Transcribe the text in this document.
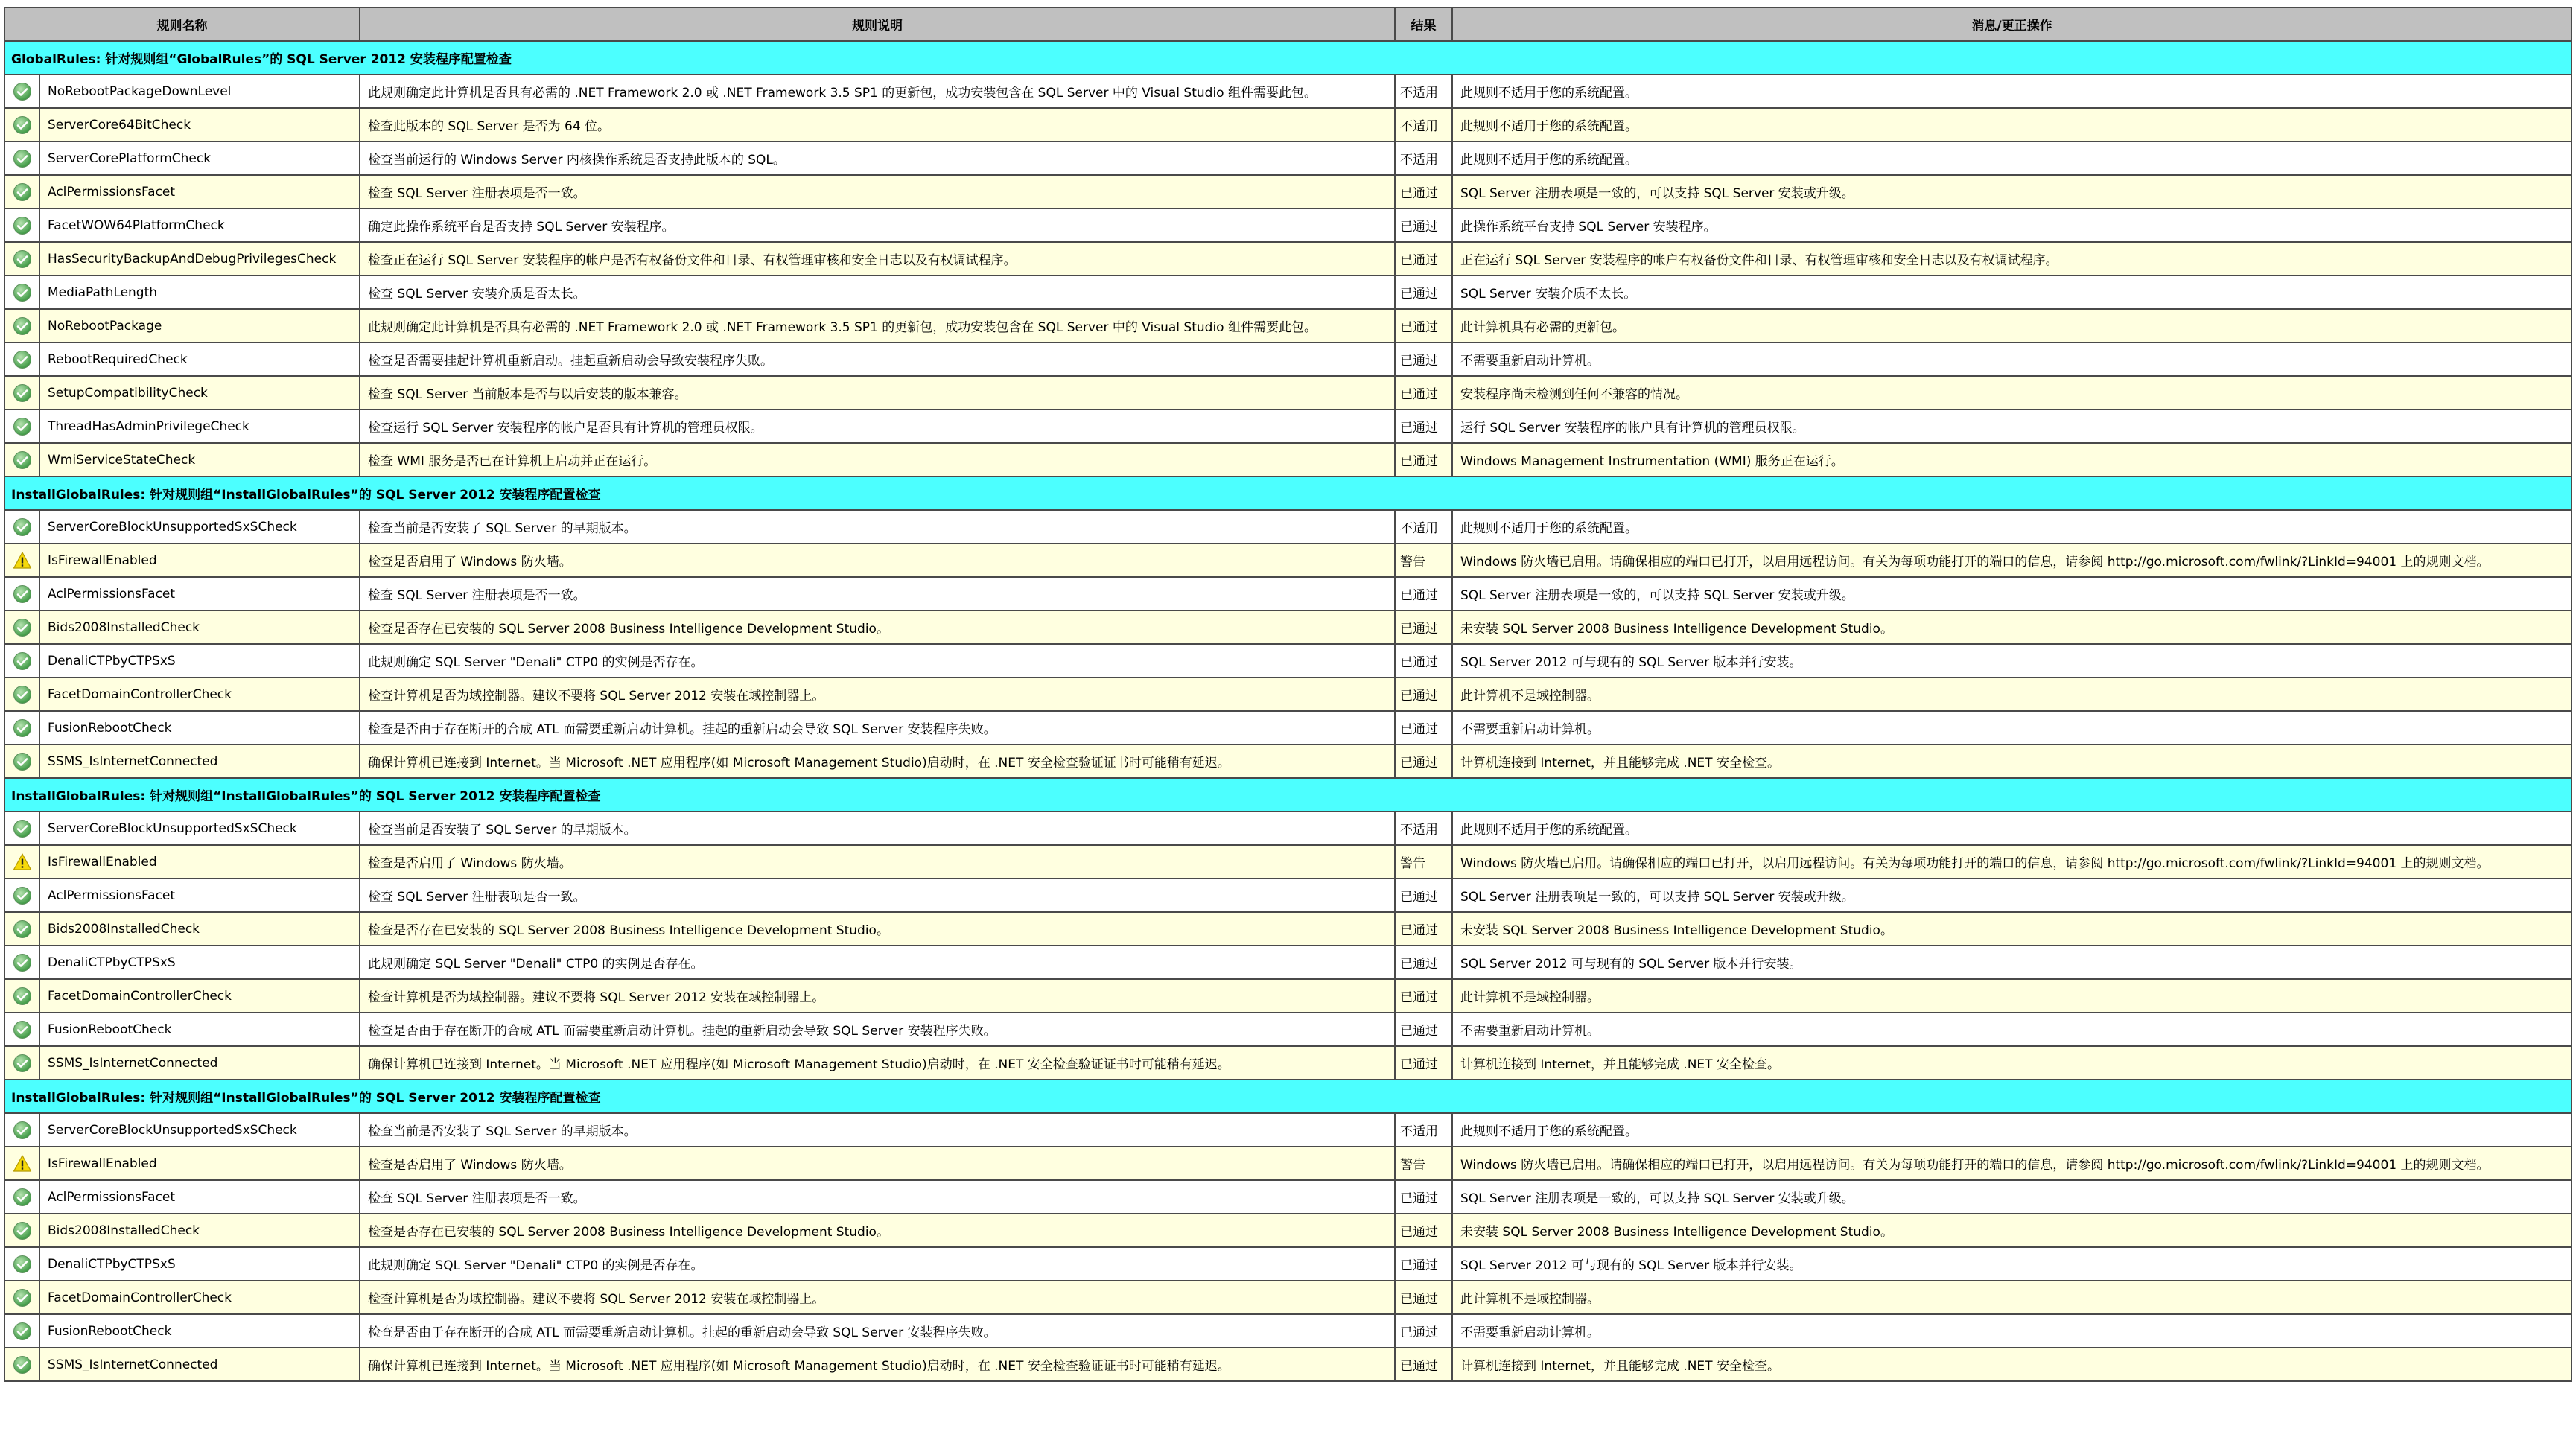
规则名称		规则说明	结果	消息/更正操作
GlobalRules: 针对规则组“GlobalRules”的 SQL Server 2012 安装程序配置检查				

	NoRebootPackageDownLevel	此规则确定此计算机是否具有必需的 .NET Framework 2.0 或 .NET Framework 3.5 SP1 的更新包，成功安装包含在 SQL Server 中的 Visual Studio 组件需要此包。	不适用	此规则不适用于您的系统配置。

	ServerCore64BitCheck	检查此版本的 SQL Server 是否为 64 位。	不适用	此规则不适用于您的系统配置。

	ServerCorePlatformCheck	检查当前运行的 Windows Server 内核操作系统是否支持此版本的 SQL。	不适用	此规则不适用于您的系统配置。

	AclPermissionsFacet	检查 SQL Server 注册表项是否一致。	已通过	SQL Server 注册表项是一致的，可以支持 SQL Server 安装或升级。

	FacetWOW64PlatformCheck	确定此操作系统平台是否支持 SQL Server 安装程序。	已通过	此操作系统平台支持 SQL Server 安装程序。

	HasSecurityBackupAndDebugPrivilegesCheck	检查正在运行 SQL Server 安装程序的帐户是否有权备份文件和目录、有权管理审核和安全日志以及有权调试程序。	已通过	正在运行 SQL Server 安装程序的帐户有权备份文件和目录、有权管理审核和安全日志以及有权调试程序。

	MediaPathLength	检查 SQL Server 安装介质是否太长。	已通过	SQL Server 安装介质不太长。

	NoRebootPackage	此规则确定此计算机是否具有必需的 .NET Framework 2.0 或 .NET Framework 3.5 SP1 的更新包，成功安装包含在 SQL Server 中的 Visual Studio 组件需要此包。	已通过	此计算机具有必需的更新包。

	RebootRequiredCheck	检查是否需要挂起计算机重新启动。挂起重新启动会导致安装程序失败。	已通过	不需要重新启动计算机。

	SetupCompatibilityCheck	检查 SQL Server 当前版本是否与以后安装的版本兼容。	已通过	安装程序尚未检测到任何不兼容的情况。

	ThreadHasAdminPrivilegeCheck	检查运行 SQL Server 安装程序的帐户是否具有计算机的管理员权限。	已通过	运行 SQL Server 安装程序的帐户具有计算机的管理员权限。

	WmiServiceStateCheck	检查 WMI 服务是否已在计算机上启动并正在运行。	已通过	Windows Management Instrumentation (WMI) 服务正在运行。
InstallGlobalRules: 针对规则组“InstallGlobalRules”的 SQL Server 2012 安装程序配置检查				

	ServerCoreBlockUnsupportedSxSCheck	检查当前是否安装了 SQL Server 的早期版本。	不适用	此规则不适用于您的系统配置。

	IsFirewallEnabled	检查是否启用了 Windows 防火墙。	警告	Windows 防火墙已启用。请确保相应的端口已打开，以启用远程访问。有关为每项功能打开的端口的信息，请参阅 http://go.microsoft.com/fwlink/?LinkId=94001 上的规则文档。

	AclPermissionsFacet	检查 SQL Server 注册表项是否一致。	已通过	SQL Server 注册表项是一致的，可以支持 SQL Server 安装或升级。

	Bids2008InstalledCheck	检查是否存在已安装的 SQL Server 2008 Business Intelligence Development Studio。	已通过	未安装 SQL Server 2008 Business Intelligence Development Studio。

	DenaliCTPbyCTPSxS	此规则确定 SQL Server "Denali" CTP0 的实例是否存在。	已通过	SQL Server 2012 可与现有的 SQL Server 版本并行安装。

	FacetDomainControllerCheck	检查计算机是否为域控制器。建议不要将 SQL Server 2012 安装在域控制器上。	已通过	此计算机不是域控制器。

	FusionRebootCheck	检查是否由于存在断开的合成 ATL 而需要重新启动计算机。挂起的重新启动会导致 SQL Server 安装程序失败。	已通过	不需要重新启动计算机。

	SSMS_IsInternetConnected	确保计算机已连接到 Internet。当 Microsoft .NET 应用程序(如 Microsoft Management Studio)启动时，在 .NET 安全检查验证证书时可能稍有延迟。	已通过	计算机连接到 Internet，并且能够完成 .NET 安全检查。
InstallGlobalRules: 针对规则组“InstallGlobalRules”的 SQL Server 2012 安装程序配置检查				

	ServerCoreBlockUnsupportedSxSCheck	检查当前是否安装了 SQL Server 的早期版本。	不适用	此规则不适用于您的系统配置。

	IsFirewallEnabled	检查是否启用了 Windows 防火墙。	警告	Windows 防火墙已启用。请确保相应的端口已打开，以启用远程访问。有关为每项功能打开的端口的信息，请参阅 http://go.microsoft.com/fwlink/?LinkId=94001 上的规则文档。

	AclPermissionsFacet	检查 SQL Server 注册表项是否一致。	已通过	SQL Server 注册表项是一致的，可以支持 SQL Server 安装或升级。

	Bids2008InstalledCheck	检查是否存在已安装的 SQL Server 2008 Business Intelligence Development Studio。	已通过	未安装 SQL Server 2008 Business Intelligence Development Studio。

	DenaliCTPbyCTPSxS	此规则确定 SQL Server "Denali" CTP0 的实例是否存在。	已通过	SQL Server 2012 可与现有的 SQL Server 版本并行安装。

	FacetDomainControllerCheck	检查计算机是否为域控制器。建议不要将 SQL Server 2012 安装在域控制器上。	已通过	此计算机不是域控制器。

	FusionRebootCheck	检查是否由于存在断开的合成 ATL 而需要重新启动计算机。挂起的重新启动会导致 SQL Server 安装程序失败。	已通过	不需要重新启动计算机。

	SSMS_IsInternetConnected	确保计算机已连接到 Internet。当 Microsoft .NET 应用程序(如 Microsoft Management Studio)启动时，在 .NET 安全检查验证证书时可能稍有延迟。	已通过	计算机连接到 Internet，并且能够完成 .NET 安全检查。
InstallGlobalRules: 针对规则组“InstallGlobalRules”的 SQL Server 2012 安装程序配置检查				

	ServerCoreBlockUnsupportedSxSCheck	检查当前是否安装了 SQL Server 的早期版本。	不适用	此规则不适用于您的系统配置。

	IsFirewallEnabled	检查是否启用了 Windows 防火墙。	警告	Windows 防火墙已启用。请确保相应的端口已打开，以启用远程访问。有关为每项功能打开的端口的信息，请参阅 http://go.microsoft.com/fwlink/?LinkId=94001 上的规则文档。

	AclPermissionsFacet	检查 SQL Server 注册表项是否一致。	已通过	SQL Server 注册表项是一致的，可以支持 SQL Server 安装或升级。

	Bids2008InstalledCheck	检查是否存在已安装的 SQL Server 2008 Business Intelligence Development Studio。	已通过	未安装 SQL Server 2008 Business Intelligence Development Studio。

	DenaliCTPbyCTPSxS	此规则确定 SQL Server "Denali" CTP0 的实例是否存在。	已通过	SQL Server 2012 可与现有的 SQL Server 版本并行安装。

	FacetDomainControllerCheck	检查计算机是否为域控制器。建议不要将 SQL Server 2012 安装在域控制器上。	已通过	此计算机不是域控制器。

	FusionRebootCheck	检查是否由于存在断开的合成 ATL 而需要重新启动计算机。挂起的重新启动会导致 SQL Server 安装程序失败。	已通过	不需要重新启动计算机。

	SSMS_IsInternetConnected	确保计算机已连接到 Internet。当 Microsoft .NET 应用程序(如 Microsoft Management Studio)启动时，在 .NET 安全检查验证证书时可能稍有延迟。	已通过	计算机连接到 Internet，并且能够完成 .NET 安全检查。
